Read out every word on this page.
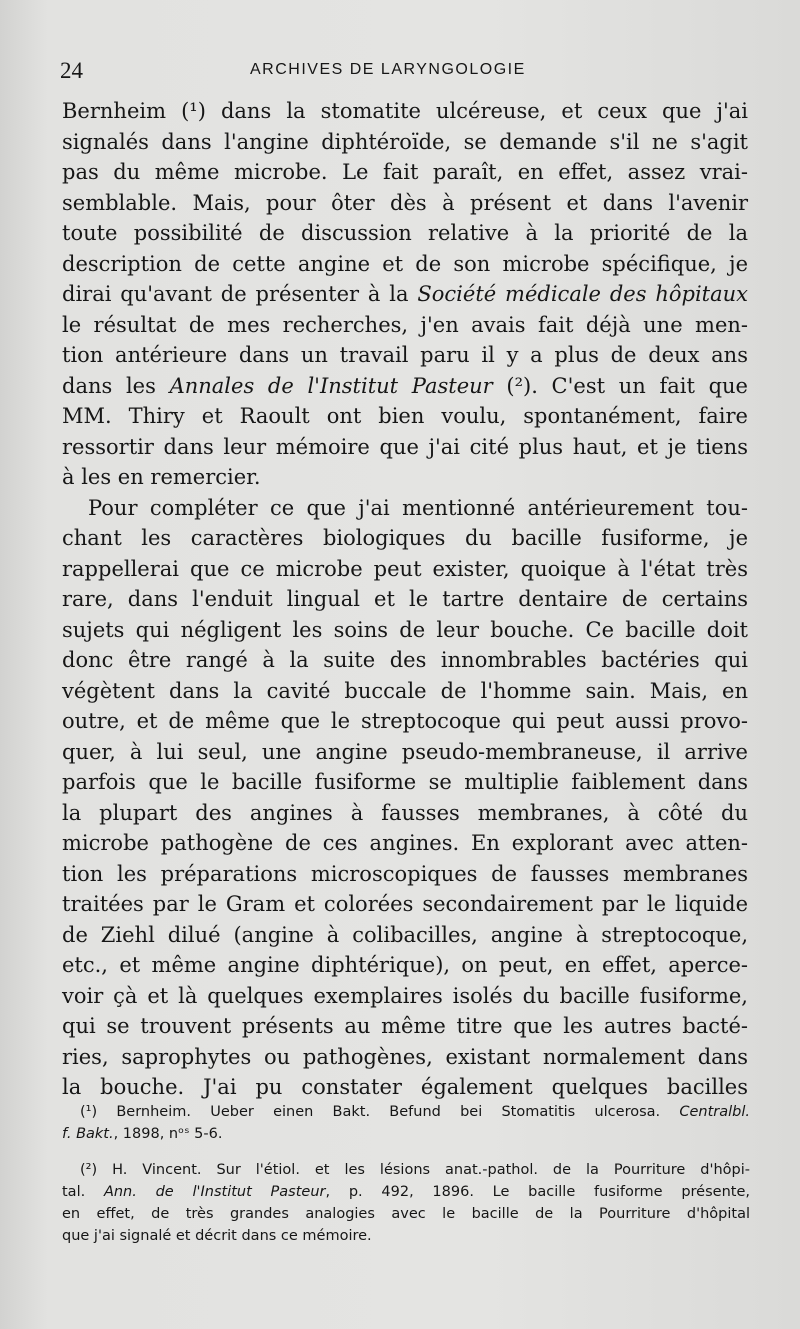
24	ARCHIVES DE LARYNGOLOGIE
Bernheim (¹) dans la stomatite ulcéreuse, et ceux que j'ai
signalés dans l'angine diphtéroïde, se demande s'il ne s'agit
pas du même microbe. Le fait paraît, en effet, assez vrai-
semblable. Mais, pour ôter dès à présent et dans l'avenir
toute possibilité de discussion relative à la priorité de la
description de cette angine et de son microbe spécifique, je
dirai qu'avant de présenter à la Société médicale des hôpitaux
le résultat de mes recherches, j'en avais fait déjà une men-
tion antérieure dans un travail paru il y a plus de deux ans
dans les Annales de l'Institut Pasteur (²). C'est un fait que
MM. Thiry et Raoult ont bien voulu, spontanément, faire
ressortir dans leur mémoire que j'ai cité plus haut, et je tiens
à les en remercier.
Pour compléter ce que j'ai mentionné antérieurement tou-
chant les caractères biologiques du bacille fusiforme, je
rappellerai que ce microbe peut exister, quoique à l'état très
rare, dans l'enduit lingual et le tartre dentaire de certains
sujets qui négligent les soins de leur bouche. Ce bacille doit
donc être rangé à la suite des innombrables bactéries qui
végètent dans la cavité buccale de l'homme sain. Mais, en
outre, et de même que le streptocoque qui peut aussi provo-
quer, à lui seul, une angine pseudo-membraneuse, il arrive
parfois que le bacille fusiforme se multiplie faiblement dans
la plupart des angines à fausses membranes, à côté du
microbe pathogène de ces angines. En explorant avec atten-
tion les préparations microscopiques de fausses membranes
traitées par le Gram et colorées secondairement par le liquide
de Ziehl dilué (angine à colibacilles, angine à streptocoque,
etc., et même angine diphtérique), on peut, en effet, aperce-
voir çà et là quelques exemplaires isolés du bacille fusiforme,
qui se trouvent présents au même titre que les autres bacté-
ries, saprophytes ou pathogènes, existant normalement dans
la bouche. J'ai pu constater également quelques bacilles
(¹) Bernheim. Ueber einen Bakt. Befund bei Stomatitis ulcerosa. Centralbl.
f. Bakt., 1898, nᵒˢ 5-6.
(²) H. Vincent. Sur l'étiol. et les lésions anat.-pathol. de la Pourriture d'hôpi-
tal. Ann. de l'Institut Pasteur, p. 492, 1896. Le bacille fusiforme présente,
en effet, de très grandes analogies avec le bacille de la Pourriture d'hôpital
que j'ai signalé et décrit dans ce mémoire.
